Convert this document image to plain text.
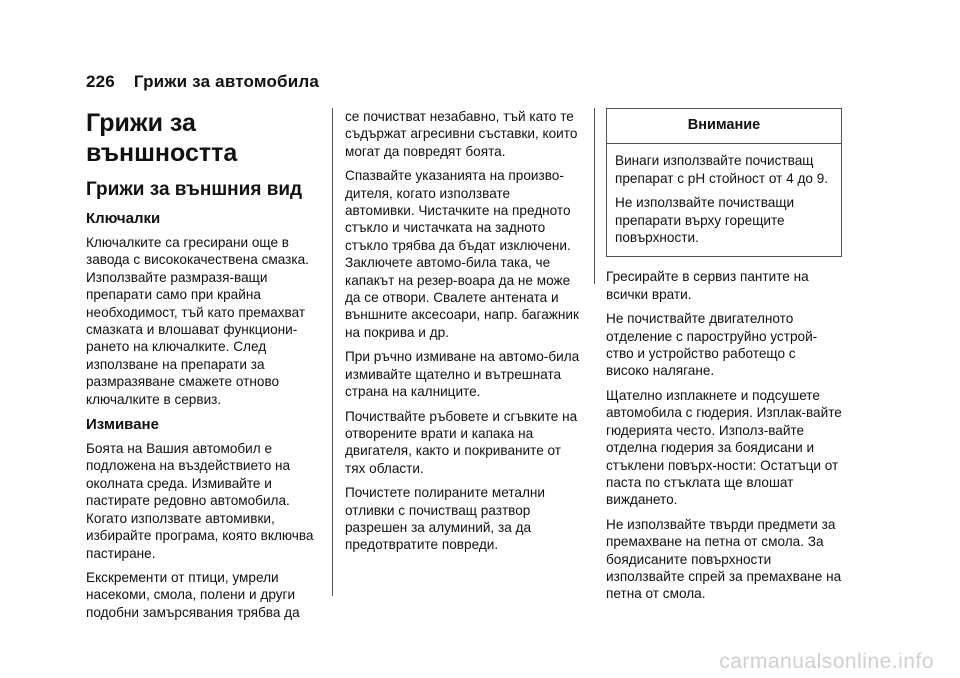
226 Грижи за автомобила
Грижи за външността
Грижи за външния вид
Ключалки

Ключалките са гресирани още в завода с висококачествена смазка. Използвайте размразя-ващи препарати само при крайна необходимост, тъй като премахват смазката и влошават функциони-рането на ключалките. След използване на препарати за размразяване смажете отново ключалките в сервиз.

Измиване

Боята на Вашия автомобил е подложена на въздействието на околната среда. Измивайте и пастирате редовно автомобила. Когато използвате автомивки, избирайте програма, която включва пастиране.

Екскременти от птици, умрели насекоми, смола, полени и други подобни замърсявания трябва да

се почистват незабавно, тъй като те съдържат агресивни съставки, които могат да повредят боята.

Спазвайте указанията на произво-дителя, когато използвате автомивки. Чистачките на предното стъкло и чистачката на задното стъкло трябва да бъдат изключени. Заключете автомо-била така, че капакът на резер-воара да не може да се отвори. Свалете антената и външните аксесоари, напр. багажник на покрива и др.

При ръчно измиване на автомо-била измивайте щателно и вътрешната страна на калниците.

Почиствайте ръбовете и сгъвките на отворените врати и капака на двигателя, както и покриваните от тях области.

Почистете полираните метални отливки с почистващ разтвор разрешен за алуминий, за да предотвратите повреди.

Внимание

Винаги използвайте почистващ препарат с pH стойност от 4 до 9.

Не използвайте почистващи препарати върху горещите повърхности.

Гресирайте в сервиз пантите на всички врати.

Не почиствайте двигателното отделение с пароструйно устрой-ство и устройство работещо с високо налягане.

Щателно изплакнете и подсушете автомобила с гюдерия. Изплак-вайте гюдерията често. Използ-вайте отделна гюдерия за боядисани и стъклени повърх-ности: Остатъци от паста по стъклата ще влошат виждането.

Не използвайте твърди предмети за премахване на петна от смола. За боядисаните повърхности използвайте спрей за премахване на петна от смола.

carmanualsonline.info
